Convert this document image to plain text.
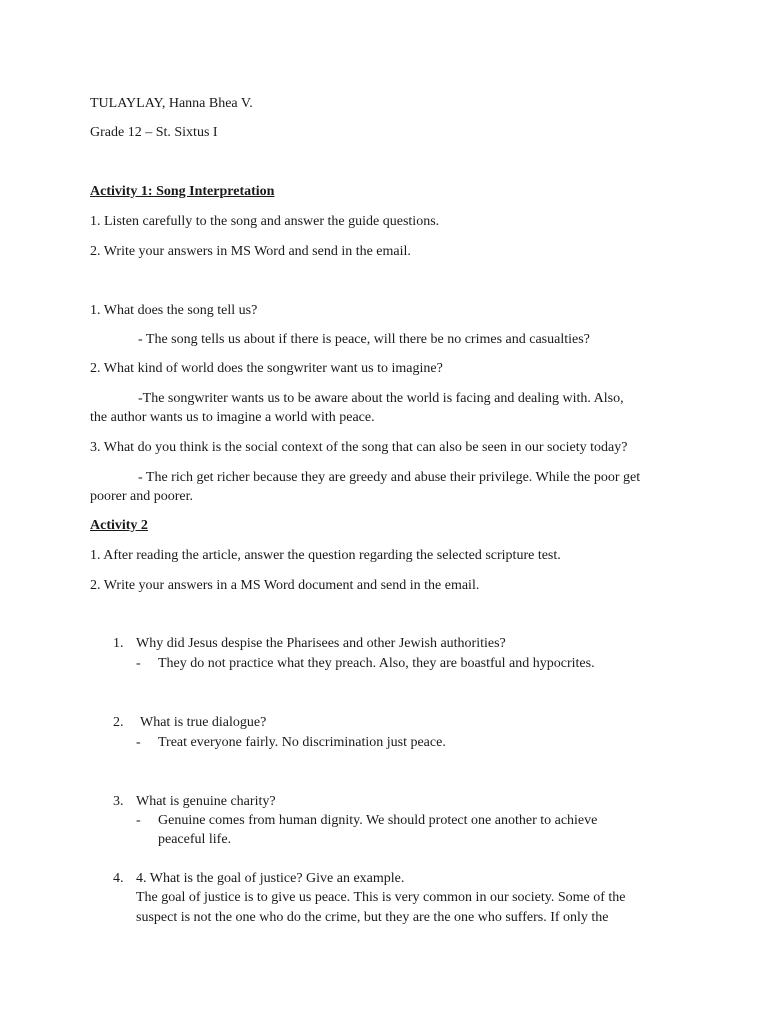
TULAYLAY, Hanna Bhea V.
Grade 12 – St. Sixtus I
Activity 1: Song Interpretation
1. Listen carefully to the song and answer the guide questions.
2. Write your answers in MS Word and send in the email.
1. What does the song tell us?
- The song tells us about if there is peace, will there be no crimes and casualties?
2. What kind of world does the songwriter want us to imagine?
-The songwriter wants us to be aware about the world is facing and dealing with. Also,
the author wants us to imagine a world with peace.
3. What do you think is the social context of the song that can also be seen in our society today?
- The rich get richer because they are greedy and abuse their privilege. While the poor get
poorer and poorer.
Activity 2
1. After reading the article, answer the question regarding the selected scripture test.
2. Write your answers in a MS Word document and send in the email.
1. Why did Jesus despise the Pharisees and other Jewish authorities?
- They do not practice what they preach. Also, they are boastful and hypocrites.
2. What is true dialogue?
- Treat everyone fairly. No discrimination just peace.
3. What is genuine charity?
- Genuine comes from human dignity. We should protect one another to achieve
peaceful life.
4. 4. What is the goal of justice? Give an example.
The goal of justice is to give us peace. This is very common in our society. Some of the
suspect is not the one who do the crime, but they are the one who suffers. If only the
